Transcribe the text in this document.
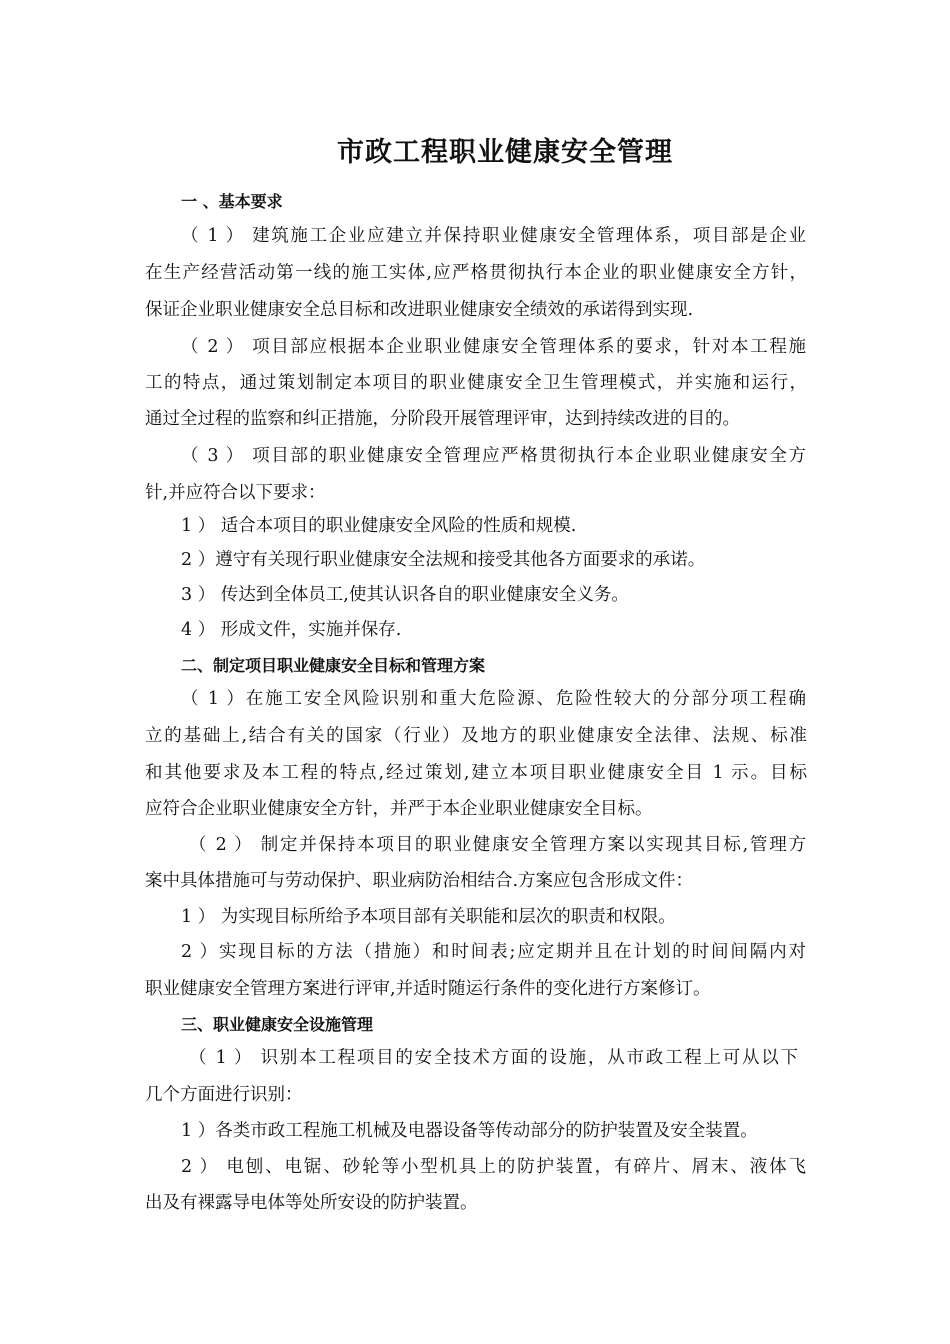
市政工程职业健康安全管理
一 、基本要求
（ 1 ） 建筑施工企业应建立并保持职业健康安全管理体系，项目部是企业
在生产经营活动第一线的施工实体,应严格贯彻执行本企业的职业健康安全方针，
保证企业职业健康安全总目标和改进职业健康安全绩效的承诺得到实现.
（ 2 ） 项目部应根据本企业职业健康安全管理体系的要求，针对本工程施
工的特点，通过策划制定本项目的职业健康安全卫生管理模式，并实施和运行，
通过全过程的监察和纠正措施，分阶段开展管理评审，达到持续改进的目的。
（ 3 ） 项目部的职业健康安全管理应严格贯彻执行本企业职业健康安全方
针,并应符合以下要求：
1 ） 适合本项目的职业健康安全风险的性质和规模.
2 ）遵守有关现行职业健康安全法规和接受其他各方面要求的承诺。
3 ） 传达到全体员工,使其认识各自的职业健康安全义务。
4 ） 形成文件，实施并保存.
二、制定项目职业健康安全目标和管理方案
（ 1 ）在施工安全风险识别和重大危险源、危险性较大的分部分项工程确
立的基础上,结合有关的国家（行业）及地方的职业健康安全法律、法规、标准
和其他要求及本工程的特点,经过策划,建立本项目职业健康安全目 1 示。目标
应符合企业职业健康安全方针，并严于本企业职业健康安全目标。
（ 2 ） 制定并保持本项目的职业健康安全管理方案以实现其目标,管理方
案中具体措施可与劳动保护、职业病防治相结合.方案应包含形成文件：
1 ） 为实现目标所给予本项目部有关职能和层次的职责和权限。
2 ）实现目标的方法（措施）和时间表;应定期并且在计划的时间间隔内对
职业健康安全管理方案进行评审,并适时随运行条件的变化进行方案修订。
三、职业健康安全设施管理
（ 1 ） 识别本工程项目的安全技术方面的设施，从市政工程上可从以下
几个方面进行识别：
1 ）各类市政工程施工机械及电器设备等传动部分的防护装置及安全装置。
2 ） 电刨、电锯、砂轮等小型机具上的防护装置，有碎片、屑末、液体飞
出及有裸露导电体等处所安设的防护装置。
